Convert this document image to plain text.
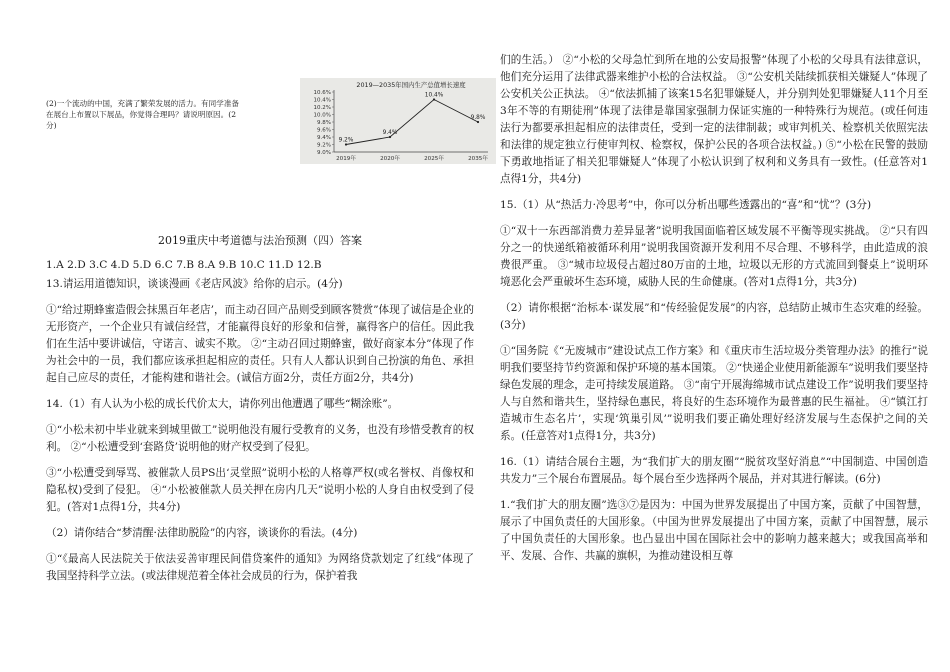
(2)一个流动的中国，充满了繁荣发展的活力。有同学准备在展台上布置以下展品，你觉得合理吗？请说明原因。(2分)

2019—2035年国内生产总值增长速度
9.0%
9.2%
9.4%
9.6%
9.8%
10.0%
10.2%
10.4%
10.6%
9.2%
2019年
9.4%
2020年
10.4%
2025年
9.8%
2035年

2019重庆中考道德与法治预测（四）答案

1.A 2.D 3.C 4.D 5.D 6.C 7.B 8.A 9.B 10.C 11.D 12.B

13.请运用道德知识，谈谈漫画《老店风波》给你的启示。(4分)

①“给过期蜂蜜造假会抹黑百年老店’，而主动召回产品则受到顾客赞赏”体现了诚信是企业的无形资产，一个企业只有诚信经营，才能赢得良好的形象和信誉，赢得客户的信任。因此我们在生活中要讲诚信，守诺言、诚实不欺。 ②“主动召回过期蜂蜜，做好商家本分”体现了作为社会中的一员，我们都应该承担起相应的责任。只有人人都认识到自己扮演的角色、承担起自己应尽的责任，才能构建和谐社会。(诚信方面2分，责任方面2分，共4分)

14.（1）有人认为小松的成长代价太大，请你列出他遭遇了哪些“糊涂账”。

①“小松未初中毕业就来到城里做工”说明他没有履行受教育的义务，也没有珍惜受教育的权利。 ②“小松遭受到‘套路贷’说明他的财产权受到了侵犯。

③“小松遭受到辱骂、被催款人员PS出‘灵堂照”说明小松的人格尊严权(或名誉权、肖像权和隐私权)受到了侵犯。 ④“小松被催款人员关押在房内几天”说明小松的人身自由权受到了侵犯。(答对1点得1分，共4分)

（2）请你结合“梦清醒·法律助脱险”的内容，谈谈你的看法。(4分)

①“《最高人民法院关于依法妥善审理民间借贷案件的通知》为网络贷款划定了红线”体现了我国坚持科学立法。(或法律规范着全体社会成员的行为，保护着我

们的生活。） ②“小松的父母急忙到所在地的公安局报警”体现了小松的父母具有法律意识，他们充分运用了法律武器来维护小松的合法权益。 ③“公安机关陆续抓获相关嫌疑人”体现了公安机关公正执法。 ④“依法抓捕了该案15名犯罪嫌疑人，并分别判处犯罪嫌疑人11个月至3年不等的有期徒刑”体现了法律是靠国家强制力保证实施的一种特殊行为规范。(或任何违法行为都要承担起相应的法律责任，受到一定的法律制裁；或审判机关、检察机关依照宪法和法律的规定独立行使审判权、检察权，保护公民的各项合法权益。) ⑤“小松在民警的鼓励下勇敢地指证了相关犯罪嫌疑人”体现了小松认识到了权利和义务具有一致性。(任意答对1点得1分，共4分)

15.（1）从“热活力·冷思考”中，你可以分析出哪些透露出的“喜”和“忧”？(3分)

①“双十一东西部消费力差异显著”说明我国面临着区域发展不平衡等现实挑战。 ②“只有四分之一的快递纸箱被循环利用”说明我国资源开发利用不尽合理、不够科学，由此造成的浪费很严重。 ③“城市垃圾侵占超过80万亩的土地，垃圾以无形的方式流回到餐桌上”说明环境恶化会严重破坏生态环境，威胁人民的生命健康。(答对1点得1分，共3分)

（2）请你根据“治标本·谋发展”和“传经验促发展”的内容，总结防止城市生态灾难的经验。(3分)

①“国务院《“无废城市”建设试点工作方案》和《重庆市生活垃圾分类管理办法》的推行”说明我们要坚持节约资源和保护环境的基本国策。 ②“快递企业使用新能源车”说明我们要坚持绿色发展的理念，走可持续发展道路。 ③“南宁开展海绵城市试点建设工作”说明我们要坚持人与自然和谐共生，坚持绿色惠民，将良好的生态环境作为最普惠的民生福祉。 ④“镇江打造城市生态名片’，实现‘筑巢引凤’”说明我们要正确处理好经济发展与生态保护之间的关系。(任意答对1点得1分，共3分)

16.（1）请结合展台主题，为“我们扩大的朋友圈”“脱贫攻坚好消息”“中国制造、中国创造共发力”三个展台布置展品。每个展台至少选择两个展品，并对其进行解读。(6分)

1.“我们扩大的朋友圈”选③⑦是因为：中国为世界发展提出了中国方案，贡献了中国智慧，展示了中国负责任的大国形象。（中国为世界发展提出了中国方案，贡献了中国智慧，展示了中国负责任的大国形象。也凸显出中国在国际社会中的影响力越来越大；或我国高举和平、发展、合作、共赢的旗帜，为推动建设相互尊
